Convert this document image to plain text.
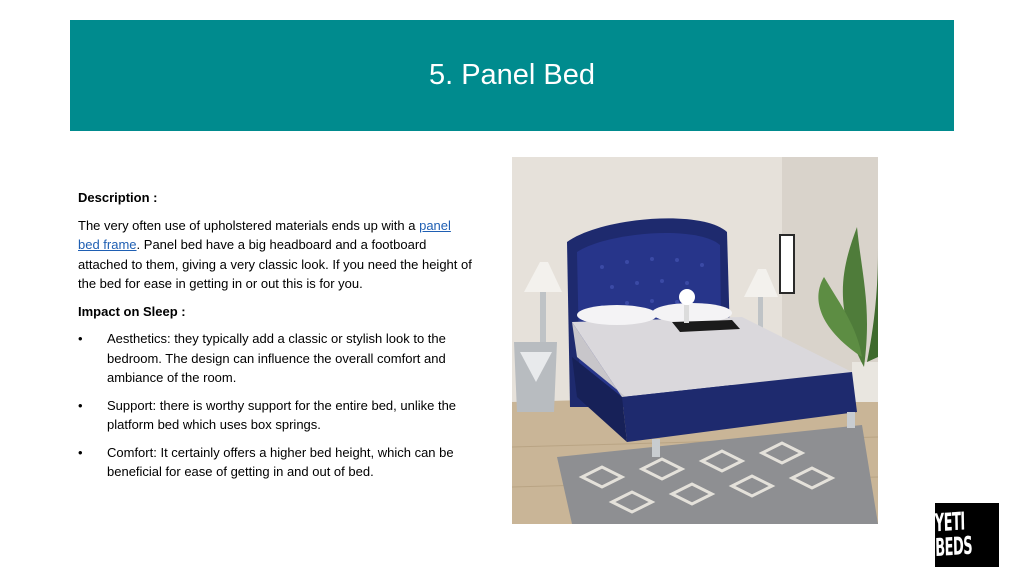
5. Panel Bed

Description :

The very often use of upholstered materials ends up with a panel bed frame. Panel bed have a big headboard and a footboard attached to them, giving a very classic look. If you need the height of the bed for ease in getting in or out this is for you.

Impact on Sleep :

• Aesthetics: they typically add a classic or stylish look to the bedroom. The design can influence the overall comfort and ambiance of the room.
• Support: there is worthy support for the entire bed, unlike the platform bed which uses box springs.
• Comfort: It certainly offers a higher bed height, which can be beneficial for ease of getting in and out of bed.
YETI BEDS
